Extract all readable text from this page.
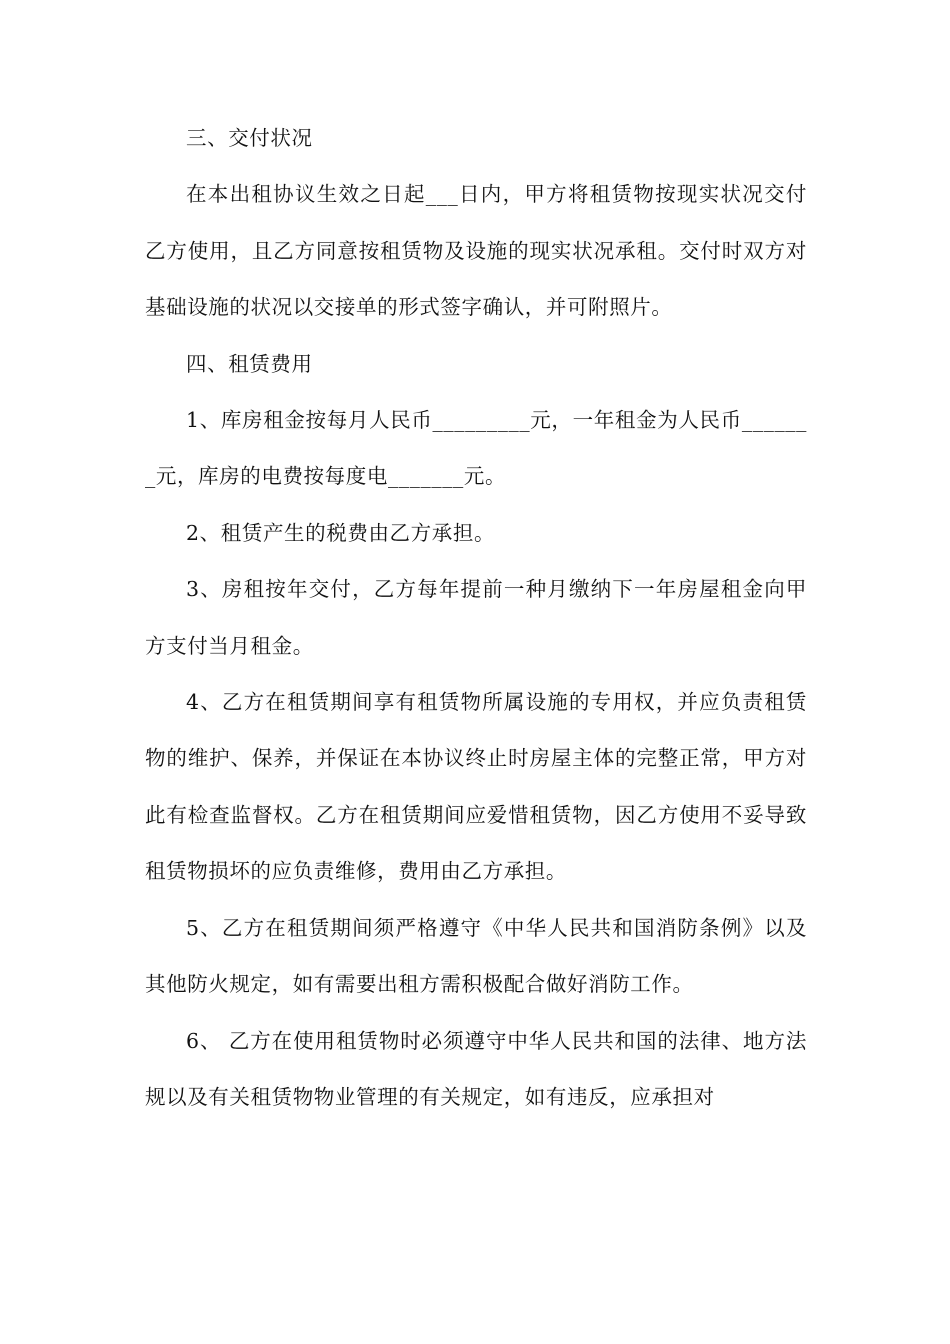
三、交付状况

在本出租协议生效之日起___日内，甲方将租赁物按现实状况交付乙方使用，且乙方同意按租赁物及设施的现实状况承租。交付时双方对基础设施的状况以交接单的形式签字确认，并可附照片。

四、租赁费用

1、库房租金按每月人民币_________元，一年租金为人民币_______元，库房的电费按每度电_______元。

2、租赁产生的税费由乙方承担。

3、房租按年交付，乙方每年提前一种月缴纳下一年房屋租金向甲方支付当月租金。

4、乙方在租赁期间享有租赁物所属设施的专用权，并应负责租赁物的维护、保养，并保证在本协议终止时房屋主体的完整正常，甲方对此有检查监督权。乙方在租赁期间应爱惜租赁物，因乙方使用不妥导致租赁物损坏的应负责维修，费用由乙方承担。

5、乙方在租赁期间须严格遵守《中华人民共和国消防条例》以及其他防火规定，如有需要出租方需积极配合做好消防工作。

6、 乙方在使用租赁物时必须遵守中华人民共和国的法律、地方法规以及有关租赁物物业管理的有关规定，如有违反，应承担对
